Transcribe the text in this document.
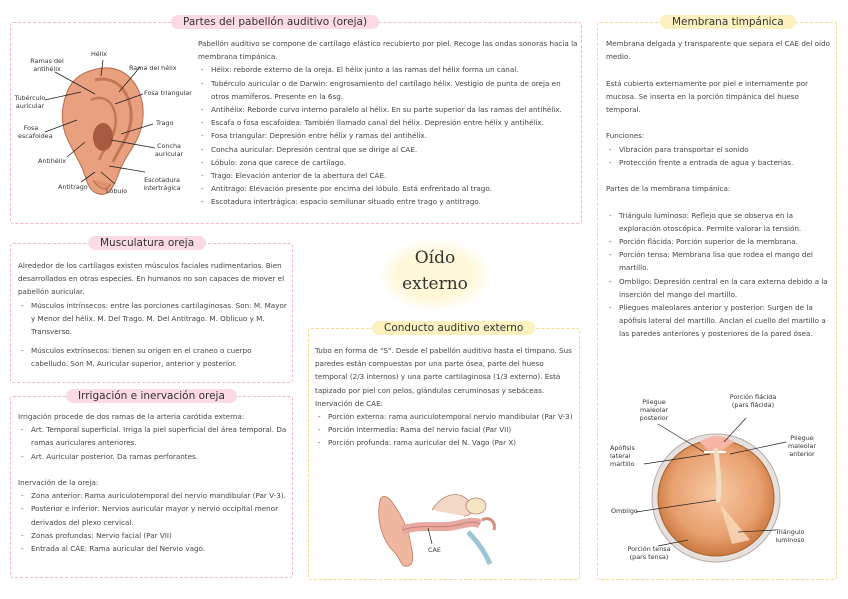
Partes del pabellón auditivo (oreja)
Ramas del antihélix
Hélix
Rama del hélix
Tubérculo auricular
Fosa triangular
Fosa escafoidea
Trago
Concha auricular
Antihélix
Antitrago	Lóbulo
Escotadura intertrágica

Pabellón auditivo se compone de cartílago elástico recubierto por piel. Recoge las ondas sonoras hacia la membrana timpánica.

- Hélix: reborde externo de la oreja. El hélix junto a las ramas del hélix forma un canal.
- Tubérculo auricular o de Darwin: engrosamiento del cartílago hélix. Vestigio de punta de oreja en otros mamíferos. Presente en la 6sg.
- Antihélix: Reborde curvo interno paralelo al hélix. En su parte superior da las ramas del antihélix.
- Escafa o fosa escafoidea: También llamado canal del hélix. Depresión entre hélix y antihélix.
- Fosa triangular: Depresión entre hélix y ramas del antihélix.
- Concha auricular: Depresión central que se dirige al CAE.
- Lóbulo: zona que carece de cartílago.
- Trago: Elevación anterior de la abertura del CAE.
- Antitrago: Elevación presente por encima del lóbulo. Está enfrentado al trago.
- Escotadura intertrágica: espacio semilunar situado entre trago y antitrago.
Musculatura oreja

Alrededor de los cartílagos existen músculos faciales rudimentarios. Bien desarrollados en otras especies. En humanos no son capaces de mover el pabellón auricular.

- Músculos intrínsecos: entre las porciones cartilaginosas. Son: M. Mayor y Menor del hélix. M. Del Trago. M. Del Antitrago. M. Oblicuo y M. Transverso.
- Músculos extrínsecos: tienen su origen en el craneo o cuerpo cabelludo. Son M. Auricular superior, anterior y posterior.
Irrigación e inervación oreja

Irrigación procede de dos ramas de la arteria carótida externa:

- Art. Temporal superficial. Irriga la piel superficial del área temporal. Da ramas auriculares anteriores.
- Art. Auricular posterior. Da ramas perforantes.

Inervación de la oreja:

- Zona anterior: Rama auriculotemporal del nervio mandibular (Par V-3).
- Posterior e inferior: Nervios auricular mayor y nervio occipital menor derivados del plexo cervical.
- Zonas profundas: Nervio facial (Par VII)
- Entrada al CAE: Rama auricular del Nervio vago.
Oído
externo
Conducto auditivo externo

Tubo en forma de "S". Desde el pabellón auditivo hasta el timpano. Sus paredes están compuestas por una parte ósea, parte del hueso temporal (2/3 internos) y una parte cartilaginosa (1/3 externo). Está tapizado por piel con pelos, glándulas ceruminosas y sebáceas.

Inervación de CAE:

- Porción externa: rama auriculotemporal nervio mandibular (Par V-3)
- Porción intermedia: Rama del nervio facial (Par VII)
- Porción profunda: rama auricular del N. Vago (Par X)
CAE
Membrana timpánica

Membrana delgada y transparente que separa el CAE del oído medio.

Está cubierta externamente por piel e internamente por mucosa. Se inserta en la porción timpánica del hueso temporal.

Funciones:

- Vibración para transportar el sonido
- Protección frente a entrada de agua y bacterias.

Partes de la membrana timpánica:

- Triángulo luminoso: Reflejo que se observa en la exploración otoscópica. Permite valorar la tensión.
- Porción flácida: Porción superior de la membrana.
- Porción tensa: Membrana lisa que rodea el mango del martillo.
- Ombligo: Depresión central en la cara externa debido a la inserción del mango del martillo.
- Pliegues maleolares anterior y posterior: Surgen de la apófisis lateral del martillo. Anclan el cuello del martillo a las paredes anteriores y posteriores de la pared ósea.
Pliegue maleolar posterior
Porción flácida (pars flácida)
Pliegue maleolar anterior
Apófisis lateral martillo
Ombligo
Triángulo luminoso
Porción tensa (pars tensa)
